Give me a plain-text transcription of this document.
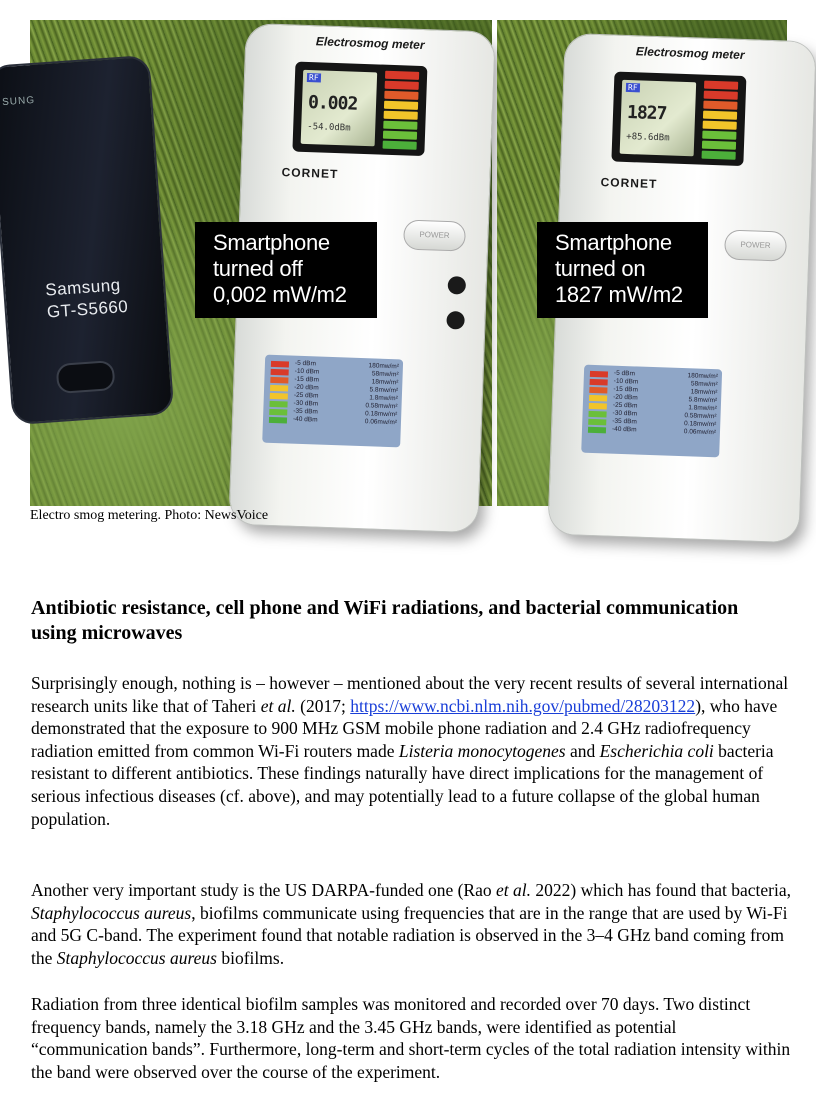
SUNG
Samsung
GT-S5660
Electrosmog meter
RF
0.002
-54.0dBm
CORNET
POWER
-5 dBm	180mw/m²
-10 dBm	58mw/m²
-15 dBm	18mw/m²
-20 dBm	5.8mw/m²
-25 dBm	1.8mw/m²
-30 dBm	0.58mw/m²
-35 dBm	0.18mw/m²
-40 dBm	0.06mw/m²
Smartphone
turned off
0,002 mW/m2
Electrosmog meter
RF
1827
+85.6dBm
CORNET
POWER
-5 dBm	180mw/m²
-10 dBm	58mw/m²
-15 dBm	18mw/m²
-20 dBm	5.8mw/m²
-25 dBm	1.8mw/m²
-30 dBm	0.58mw/m²
-35 dBm	0.18mw/m²
-40 dBm	0.06mw/m²
Smartphone
turned on
1827 mW/m2
Electro smog metering. Photo: NewsVoice
Antibiotic resistance, cell phone and WiFi radiations, and bacterial communication using microwaves

Surprisingly enough, nothing is – however – mentioned about the very recent results of several international research units like that of Taheri et al. (2017; https://www.ncbi.nlm.nih.gov/pubmed/28203122), who have demonstrated that the exposure to 900 MHz GSM mobile phone radiation and 2.4 GHz radiofrequency radiation emitted from common Wi-Fi routers made Listeria monocytogenes and Escherichia coli bacteria resistant to different antibiotics. These findings naturally have direct implications for the management of serious infectious diseases (cf. above), and may potentially lead to a future collapse of the global human population.

Another very important study is the US DARPA-funded one (Rao et al. 2022) which has found that bacteria, Staphylococcus aureus, biofilms communicate using frequencies that are in the range that are used by Wi-Fi and 5G C-band. The experiment found that notable radiation is observed in the 3–4 GHz band coming from the Staphylococcus aureus biofilms.

Radiation from three identical biofilm samples was monitored and recorded over 70 days. Two distinct frequency bands, namely the 3.18 GHz and the 3.45 GHz bands, were identified as potential “communication bands”. Furthermore, long-term and short-term cycles of the total radiation intensity within the band were observed over the course of the experiment.
